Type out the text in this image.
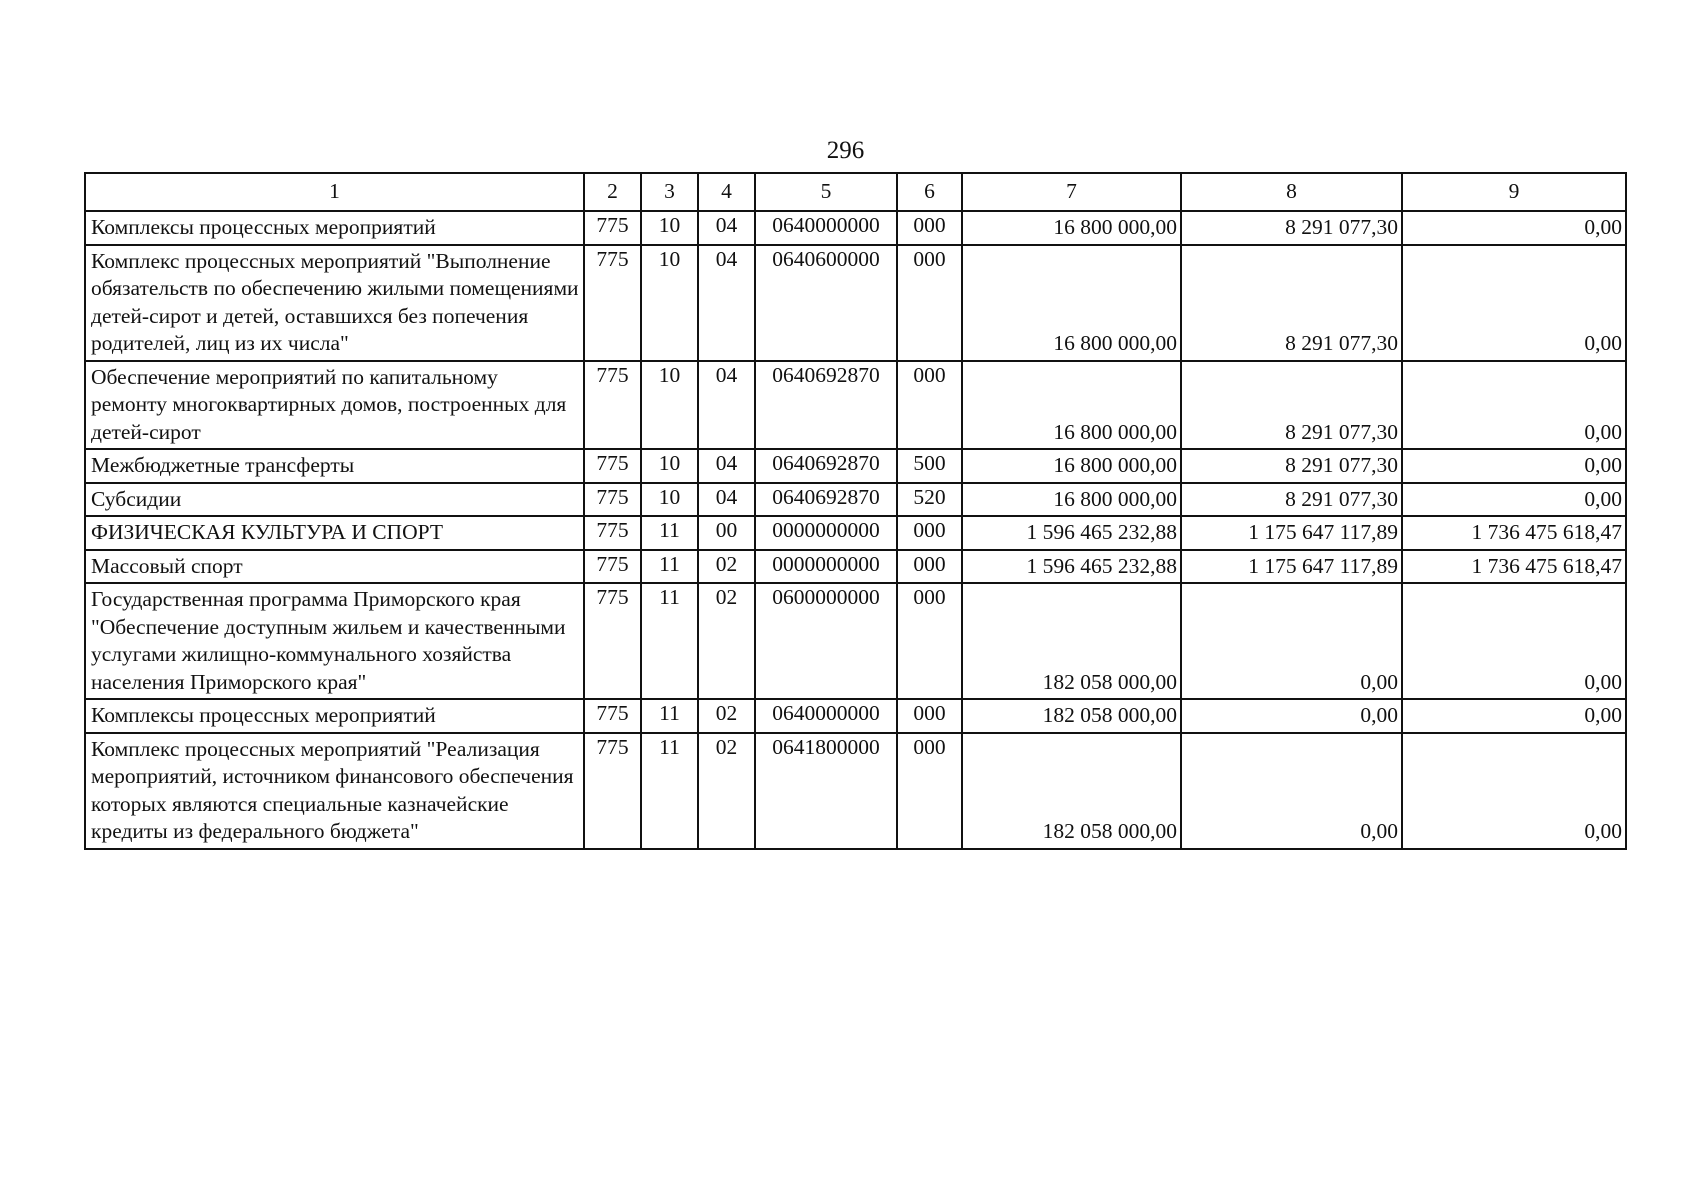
296
1	2	3	4	5	6	7	8	9
Комплексы процессных мероприятий	775	10	04	0640000000	000	16 800 000,00	8 291 077,30	0,00
Комплекс процессных мероприятий "Выполнение обязательств по обеспечению жилыми помещениями детей-сирот и детей, оставшихся без попечения родителей, лиц из их числа"	775	10	04	0640600000	000	16 800 000,00	8 291 077,30	0,00
Обеспечение мероприятий по капитальному ремонту многоквартирных домов, построенных для детей-сирот	775	10	04	0640692870	000	16 800 000,00	8 291 077,30	0,00
Межбюджетные трансферты	775	10	04	0640692870	500	16 800 000,00	8 291 077,30	0,00
Субсидии	775	10	04	0640692870	520	16 800 000,00	8 291 077,30	0,00
ФИЗИЧЕСКАЯ КУЛЬТУРА И СПОРТ	775	11	00	0000000000	000	1 596 465 232,88	1 175 647 117,89	1 736 475 618,47
Массовый спорт	775	11	02	0000000000	000	1 596 465 232,88	1 175 647 117,89	1 736 475 618,47
Государственная программа Приморского края "Обеспечение доступным жильем и качественными услугами жилищно-коммунального хозяйства населения Приморского края"	775	11	02	0600000000	000	182 058 000,00	0,00	0,00
Комплексы процессных мероприятий	775	11	02	0640000000	000	182 058 000,00	0,00	0,00
Комплекс процессных мероприятий "Реализация мероприятий, источником финансового обеспечения которых являются специальные казначейские кредиты из федерального бюджета"	775	11	02	0641800000	000	182 058 000,00	0,00	0,00
